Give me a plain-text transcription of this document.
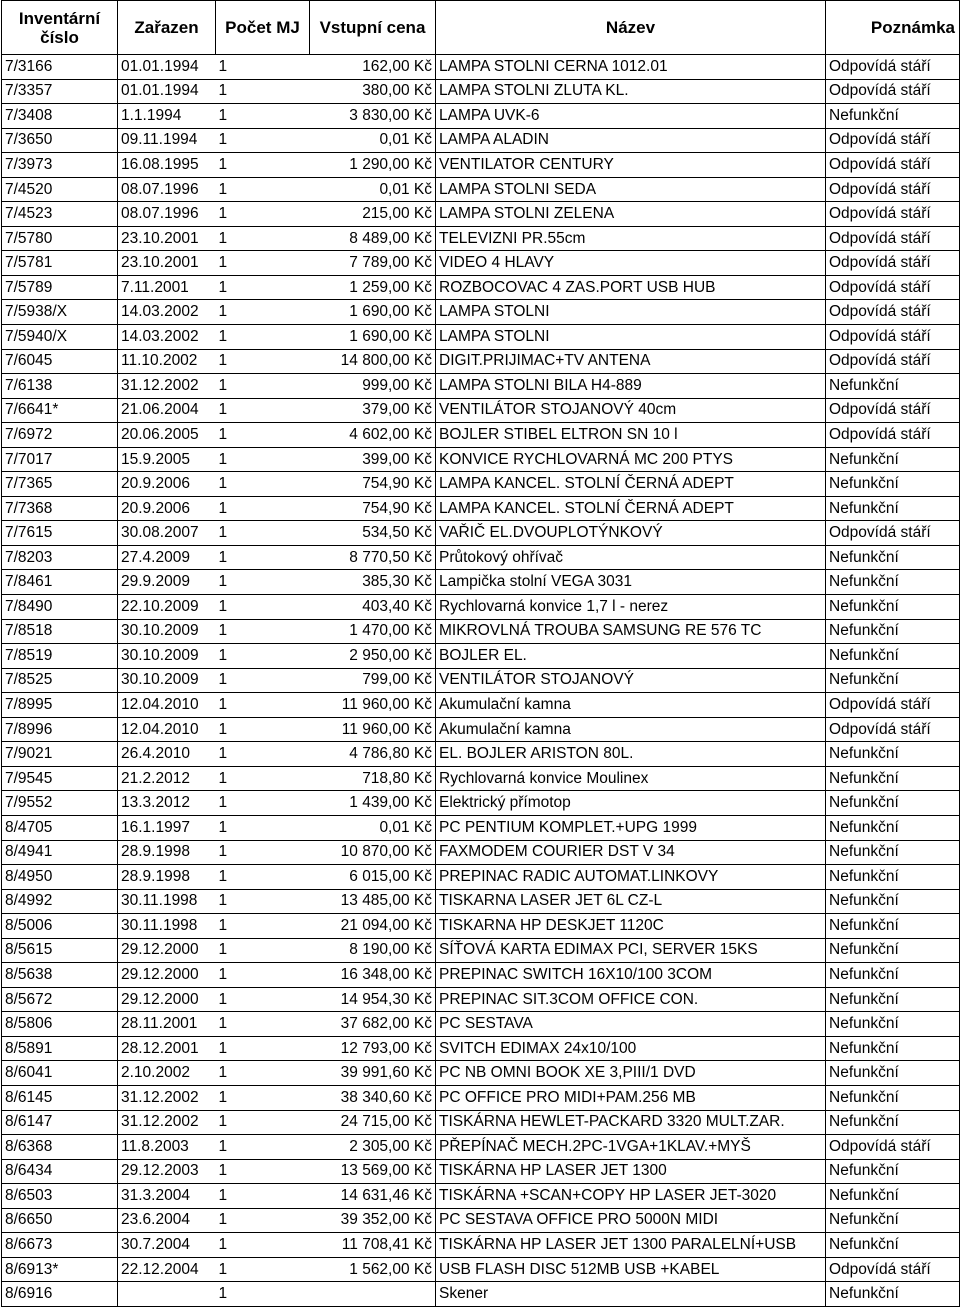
Inventární číslo	Zařazen	Počet MJ	Vstupní cena	Název	Poznámka
7/3166	01.01.1994	1	162,00 Kč	LAMPA STOLNI CERNA 1012.01	Odpovídá stáří
7/3357	01.01.1994	1	380,00 Kč	LAMPA STOLNI ZLUTA KL.	Odpovídá stáří
7/3408	1.1.1994	1	3 830,00 Kč	LAMPA UVK-6	Nefunkční
7/3650	09.11.1994	1	0,01 Kč	LAMPA ALADIN	Odpovídá stáří
7/3973	16.08.1995	1	1 290,00 Kč	VENTILATOR CENTURY	Odpovídá stáří
7/4520	08.07.1996	1	0,01 Kč	LAMPA STOLNI SEDA	Odpovídá stáří
7/4523	08.07.1996	1	215,00 Kč	LAMPA STOLNI ZELENA	Odpovídá stáří
7/5780	23.10.2001	1	8 489,00 Kč	TELEVIZNI PR.55cm	Odpovídá stáří
7/5781	23.10.2001	1	7 789,00 Kč	VIDEO 4 HLAVY	Odpovídá stáří
7/5789	7.11.2001	1	1 259,00 Kč	ROZBOCOVAC 4 ZAS.PORT USB HUB	Odpovídá stáří
7/5938/X	14.03.2002	1	1 690,00 Kč	LAMPA STOLNI	Odpovídá stáří
7/5940/X	14.03.2002	1	1 690,00 Kč	LAMPA STOLNI	Odpovídá stáří
7/6045	11.10.2002	1	14 800,00 Kč	DIGIT.PRIJIMAC+TV ANTENA	Odpovídá stáří
7/6138	31.12.2002	1	999,00 Kč	LAMPA STOLNI BILA H4-889	Nefunkční
7/6641*	21.06.2004	1	379,00 Kč	VENTILÁTOR STOJANOVÝ 40cm	Odpovídá stáří
7/6972	20.06.2005	1	4 602,00 Kč	BOJLER STIBEL ELTRON SN 10 l	Odpovídá stáří
7/7017	15.9.2005	1	399,00 Kč	KONVICE RYCHLOVARNÁ MC 200 PTYS	Nefunkční
7/7365	20.9.2006	1	754,90 Kč	LAMPA KANCEL. STOLNÍ ČERNÁ ADEPT	Nefunkční
7/7368	20.9.2006	1	754,90 Kč	LAMPA KANCEL. STOLNÍ ČERNÁ ADEPT	Nefunkční
7/7615	30.08.2007	1	534,50 Kč	VAŘIČ EL.DVOUPLOTÝNKOVÝ	Odpovídá stáří
7/8203	27.4.2009	1	8 770,50 Kč	Průtokový ohřívač	Nefunkční
7/8461	29.9.2009	1	385,30 Kč	Lampička stolní VEGA 3031	Nefunkční
7/8490	22.10.2009	1	403,40 Kč	Rychlovarná konvice 1,7 l - nerez	Nefunkční
7/8518	30.10.2009	1	1 470,00 Kč	MIKROVLNÁ TROUBA SAMSUNG RE 576 TC	Nefunkční
7/8519	30.10.2009	1	2 950,00 Kč	BOJLER EL.	Nefunkční
7/8525	30.10.2009	1	799,00 Kč	VENTILÁTOR STOJANOVÝ	Nefunkční
7/8995	12.04.2010	1	11 960,00 Kč	Akumulační kamna	Odpovídá stáří
7/8996	12.04.2010	1	11 960,00 Kč	Akumulační kamna	Odpovídá stáří
7/9021	26.4.2010	1	4 786,80 Kč	EL. BOJLER ARISTON 80L.	Nefunkční
7/9545	21.2.2012	1	718,80 Kč	Rychlovarná konvice Moulinex	Nefunkční
7/9552	13.3.2012	1	1 439,00 Kč	Elektrický přímotop	Nefunkční
8/4705	16.1.1997	1	0,01 Kč	PC PENTIUM KOMPLET.+UPG 1999	Nefunkční
8/4941	28.9.1998	1	10 870,00 Kč	FAXMODEM COURIER DST V 34	Nefunkční
8/4950	28.9.1998	1	6 015,00 Kč	PREPINAC RADIC AUTOMAT.LINKOVY	Nefunkční
8/4992	30.11.1998	1	13 485,00 Kč	TISKARNA LASER JET 6L CZ-L	Nefunkční
8/5006	30.11.1998	1	21 094,00 Kč	TISKARNA HP DESKJET 1120C	Nefunkční
8/5615	29.12.2000	1	8 190,00 Kč	SÍŤOVÁ KARTA EDIMAX PCI, SERVER 15KS	Nefunkční
8/5638	29.12.2000	1	16 348,00 Kč	PREPINAC SWITCH 16X10/100 3COM	Nefunkční
8/5672	29.12.2000	1	14 954,30 Kč	PREPINAC SIT.3COM OFFICE CON.	Nefunkční
8/5806	28.11.2001	1	37 682,00 Kč	PC SESTAVA	Nefunkční
8/5891	28.12.2001	1	12 793,00 Kč	SVITCH EDIMAX 24x10/100	Nefunkční
8/6041	2.10.2002	1	39 991,60 Kč	PC NB OMNI BOOK XE 3,PIII/1 DVD	Nefunkční
8/6145	31.12.2002	1	38 340,60 Kč	PC OFFICE PRO MIDI+PAM.256 MB	Nefunkční
8/6147	31.12.2002	1	24 715,00 Kč	TISKÁRNA HEWLET-PACKARD 3320 MULT.ZAR.	Nefunkční
8/6368	11.8.2003	1	2 305,00 Kč	PŘEPÍNAČ MECH.2PC-1VGA+1KLAV.+MYŠ	Odpovídá stáří
8/6434	29.12.2003	1	13 569,00 Kč	TISKÁRNA HP LASER JET 1300	Nefunkční
8/6503	31.3.2004	1	14 631,46 Kč	TISKÁRNA +SCAN+COPY HP LASER JET-3020	Nefunkční
8/6650	23.6.2004	1	39 352,00 Kč	PC SESTAVA OFFICE PRO 5000N MIDI	Nefunkční
8/6673	30.7.2004	1	11 708,41 Kč	TISKÁRNA HP LASER JET 1300 PARALELNÍ+USB	Nefunkční
8/6913*	22.12.2004	1	1 562,00 Kč	USB FLASH DISC 512MB USB +KABEL	Odpovídá stáří
8/6916		1		Skener	Nefunkční
